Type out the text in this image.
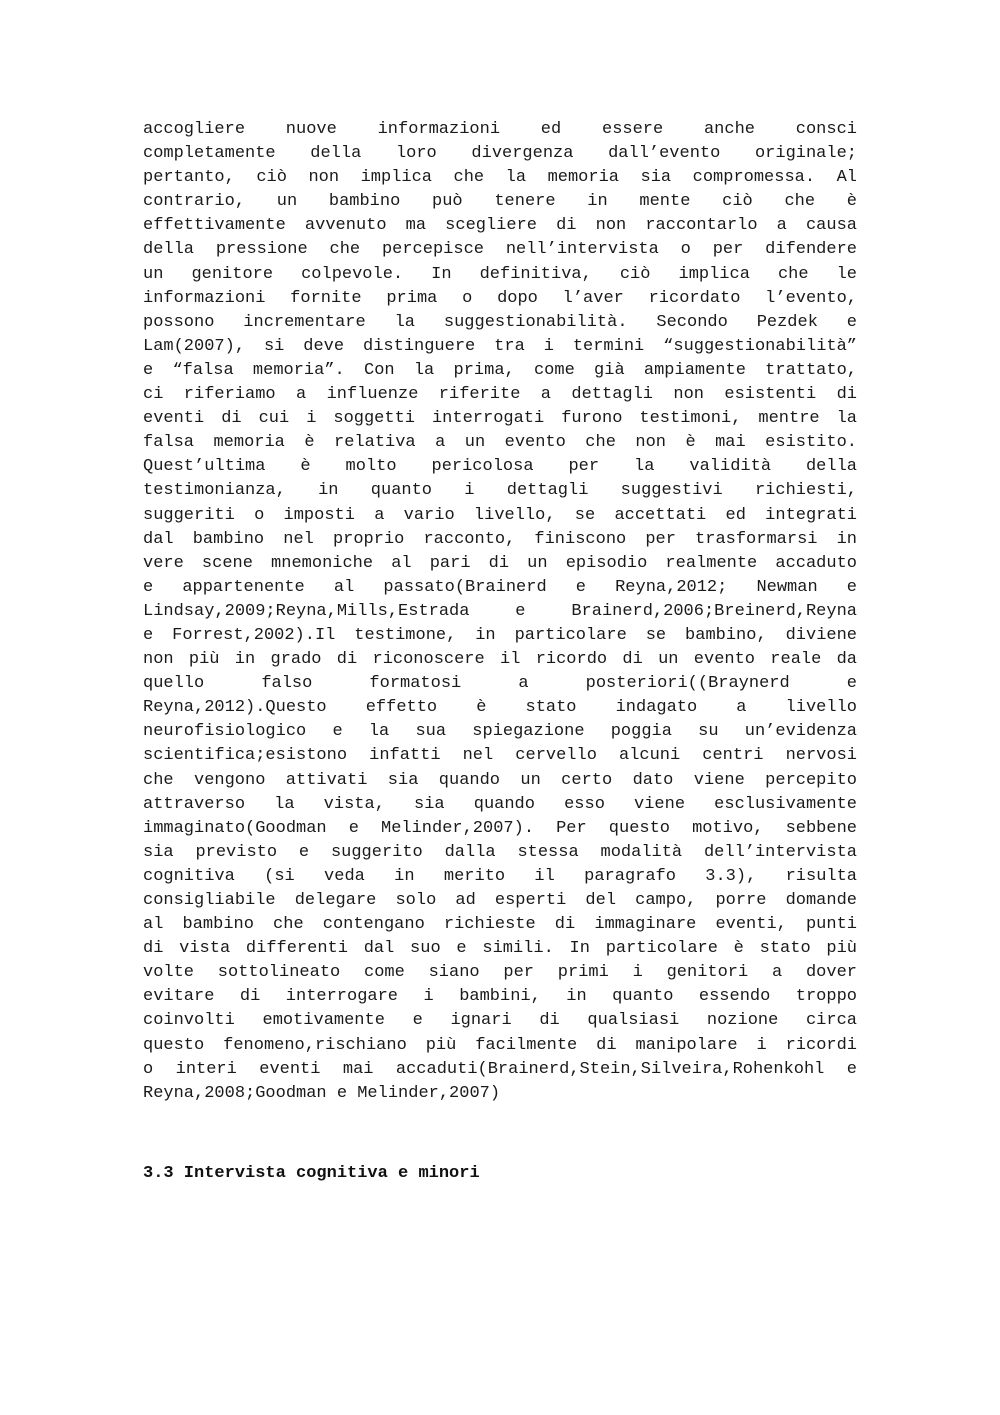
accogliere nuove informazioni ed essere anche consci
completamente della loro divergenza dall’evento originale;
pertanto, ciò non implica che la memoria sia compromessa. Al
contrario, un bambino può tenere in mente ciò che è
effettivamente avvenuto ma scegliere di non raccontarlo a causa
della pressione che percepisce nell’intervista o per difendere
un genitore colpevole. In definitiva, ciò implica che le
informazioni fornite prima o dopo l’aver ricordato l’evento,
possono incrementare la suggestionabilità. Secondo Pezdek e
Lam(2007), si deve distinguere tra i termini “suggestionabilità”
e “falsa memoria”. Con la prima, come già ampiamente trattato,
ci riferiamo a influenze riferite a dettagli non esistenti di
eventi di cui i soggetti interrogati furono testimoni, mentre la
falsa memoria è relativa a un evento che non è mai esistito.
Quest’ultima è molto pericolosa per la validità della
testimonianza, in quanto i dettagli suggestivi richiesti,
suggeriti o imposti a vario livello, se accettati ed integrati
dal bambino nel proprio racconto, finiscono per trasformarsi in
vere scene mnemoniche al pari di un episodio realmente accaduto
e appartenente al passato(Brainerd e Reyna,2012; Newman e
Lindsay,2009;Reyna,Mills,Estrada e Brainerd,2006;Breinerd,Reyna
e Forrest,2002).Il testimone, in particolare se bambino, diviene
non più in grado di riconoscere il ricordo di un evento reale da
quello falso formatosi a posteriori((Braynerd e
Reyna,2012).Questo effetto è stato indagato a livello
neurofisiologico e la sua spiegazione poggia su un’evidenza
scientifica;esistono infatti nel cervello alcuni centri nervosi
che vengono attivati sia quando un certo dato viene percepito
attraverso la vista, sia quando esso viene esclusivamente
immaginato(Goodman e Melinder,2007). Per questo motivo, sebbene
sia previsto e suggerito dalla stessa modalità dell’intervista
cognitiva (si veda in merito il paragrafo 3.3), risulta
consigliabile delegare solo ad esperti del campo, porre domande
al bambino che contengano richieste di immaginare eventi, punti
di vista differenti dal suo e simili. In particolare è stato più
volte sottolineato come siano per primi i genitori a dover
evitare di interrogare i bambini, in quanto essendo troppo
coinvolti emotivamente e ignari di qualsiasi nozione circa
questo fenomeno,rischiano più facilmente di manipolare i ricordi
o interi eventi mai accaduti(Brainerd,Stein,Silveira,Rohenkohl e
Reyna,2008;Goodman e Melinder,2007)
3.3 Intervista cognitiva e minori
